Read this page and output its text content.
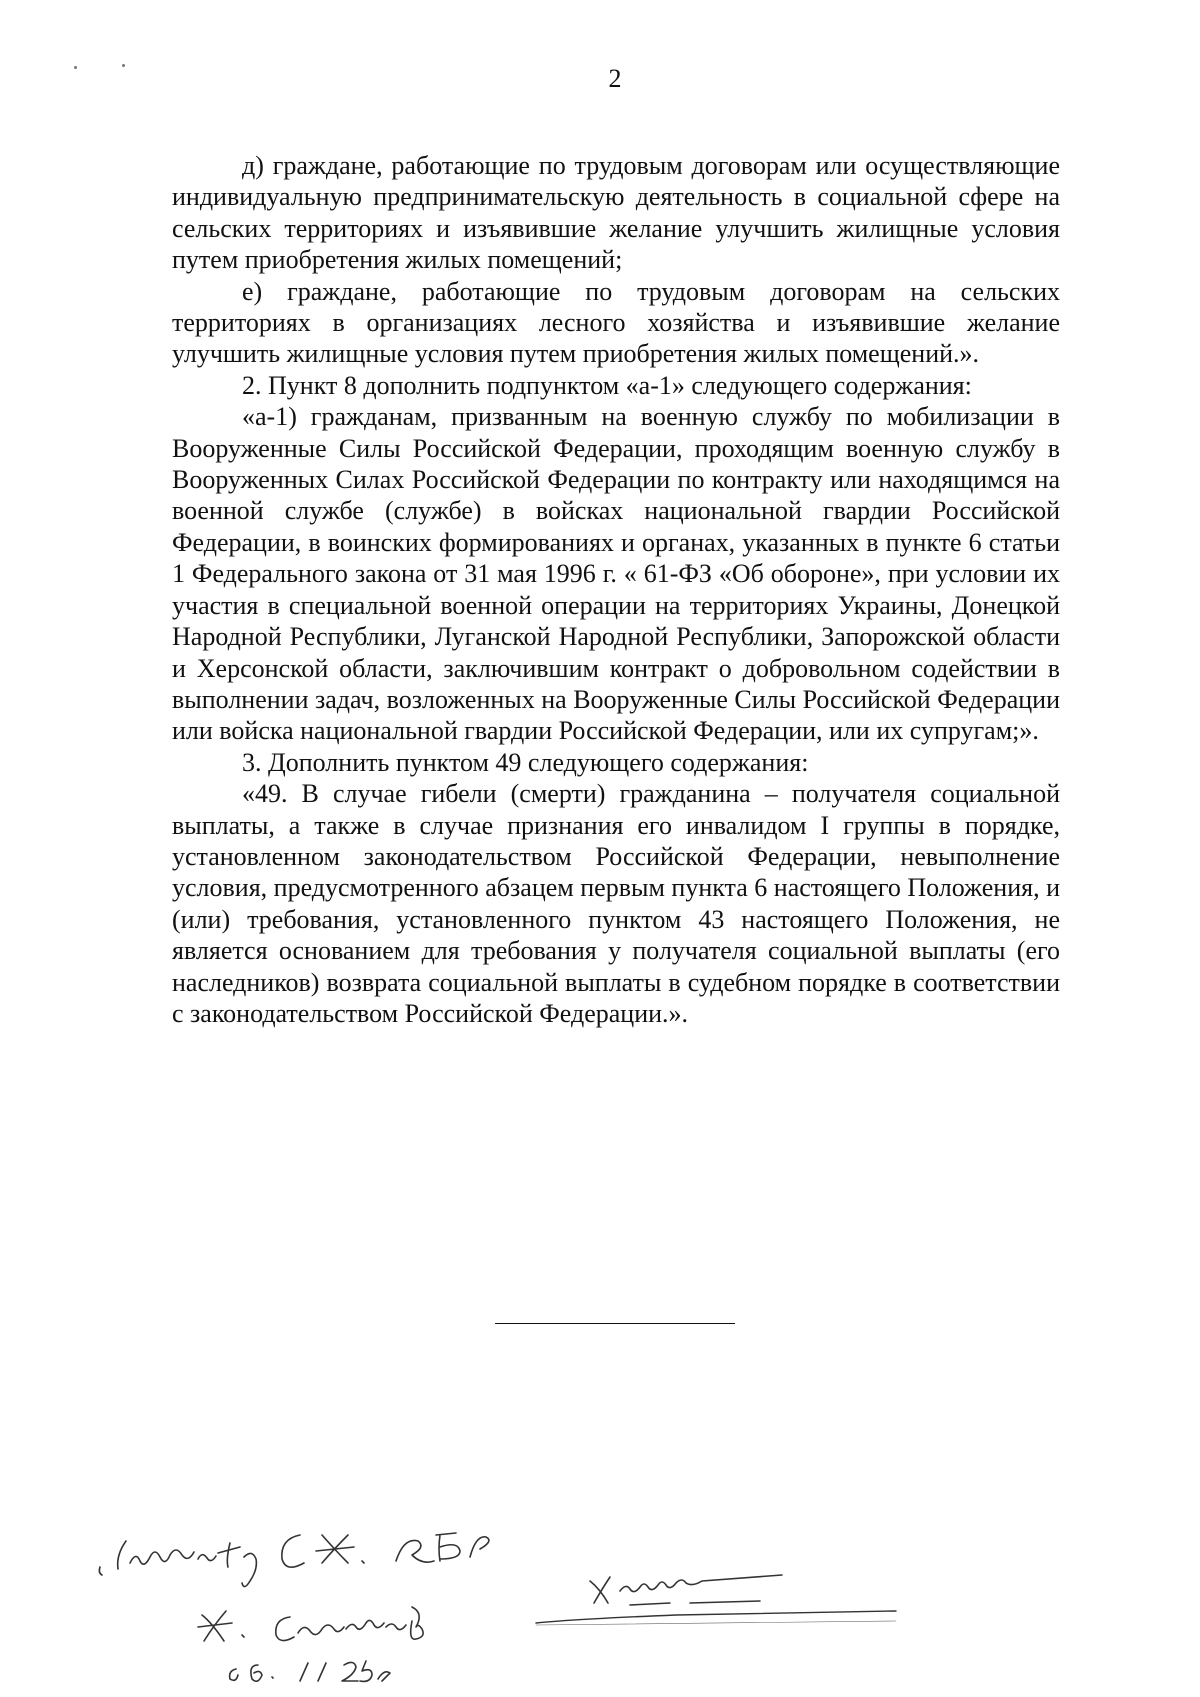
2

д) граждане, работающие по трудовым договорам или осуществляющие индивидуальную предпринимательскую деятельность в социальной сфере на сельских территориях и изъявившие желание улучшить жилищные условия путем приобретения жилых помещений;

е) граждане, работающие по трудовым договорам на сельских территориях в организациях лесного хозяйства и изъявившие желание улучшить жилищные условия путем приобретения жилых помещений.».

2. Пункт 8 дополнить подпунктом «а-1» следующего содержания:

«а-1) гражданам, призванным на военную службу по мобилизации в Вооруженные Силы Российской Федерации, проходящим военную службу в Вооруженных Силах Российской Федерации по контракту или находящимся на военной службе (службе) в войсках национальной гвардии Российской Федерации, в воинских формированиях и органах, указанных в пункте 6 статьи 1 Федерального закона от 31 мая 1996 г. « 61-ФЗ «Об обороне», при условии их участия в специальной военной операции на территориях Украины, Донецкой Народной Республики, Луганской Народной Республики, Запорожской области и Херсонской области, заключившим контракт о добровольном содействии в выполнении задач, возложенных на Вооруженные Силы Российской Федерации или войска национальной гвардии Российской Федерации, или их супругам;».

3. Дополнить пунктом 49 следующего содержания:

«49. В случае гибели (смерти) гражданина – получателя социальной выплаты, а также в случае признания его инвалидом I группы в порядке, установленном законодательством Российской Федерации, невыполнение условия, предусмотренного абзацем первым пункта 6 настоящего Положения, и (или) требования, установленного пунктом 43 настоящего Положения, не является основанием для требования у получателя социальной выплаты (его наследников) возврата социальной выплаты в судебном порядке в соответствии с законодательством Российской Федерации.».
